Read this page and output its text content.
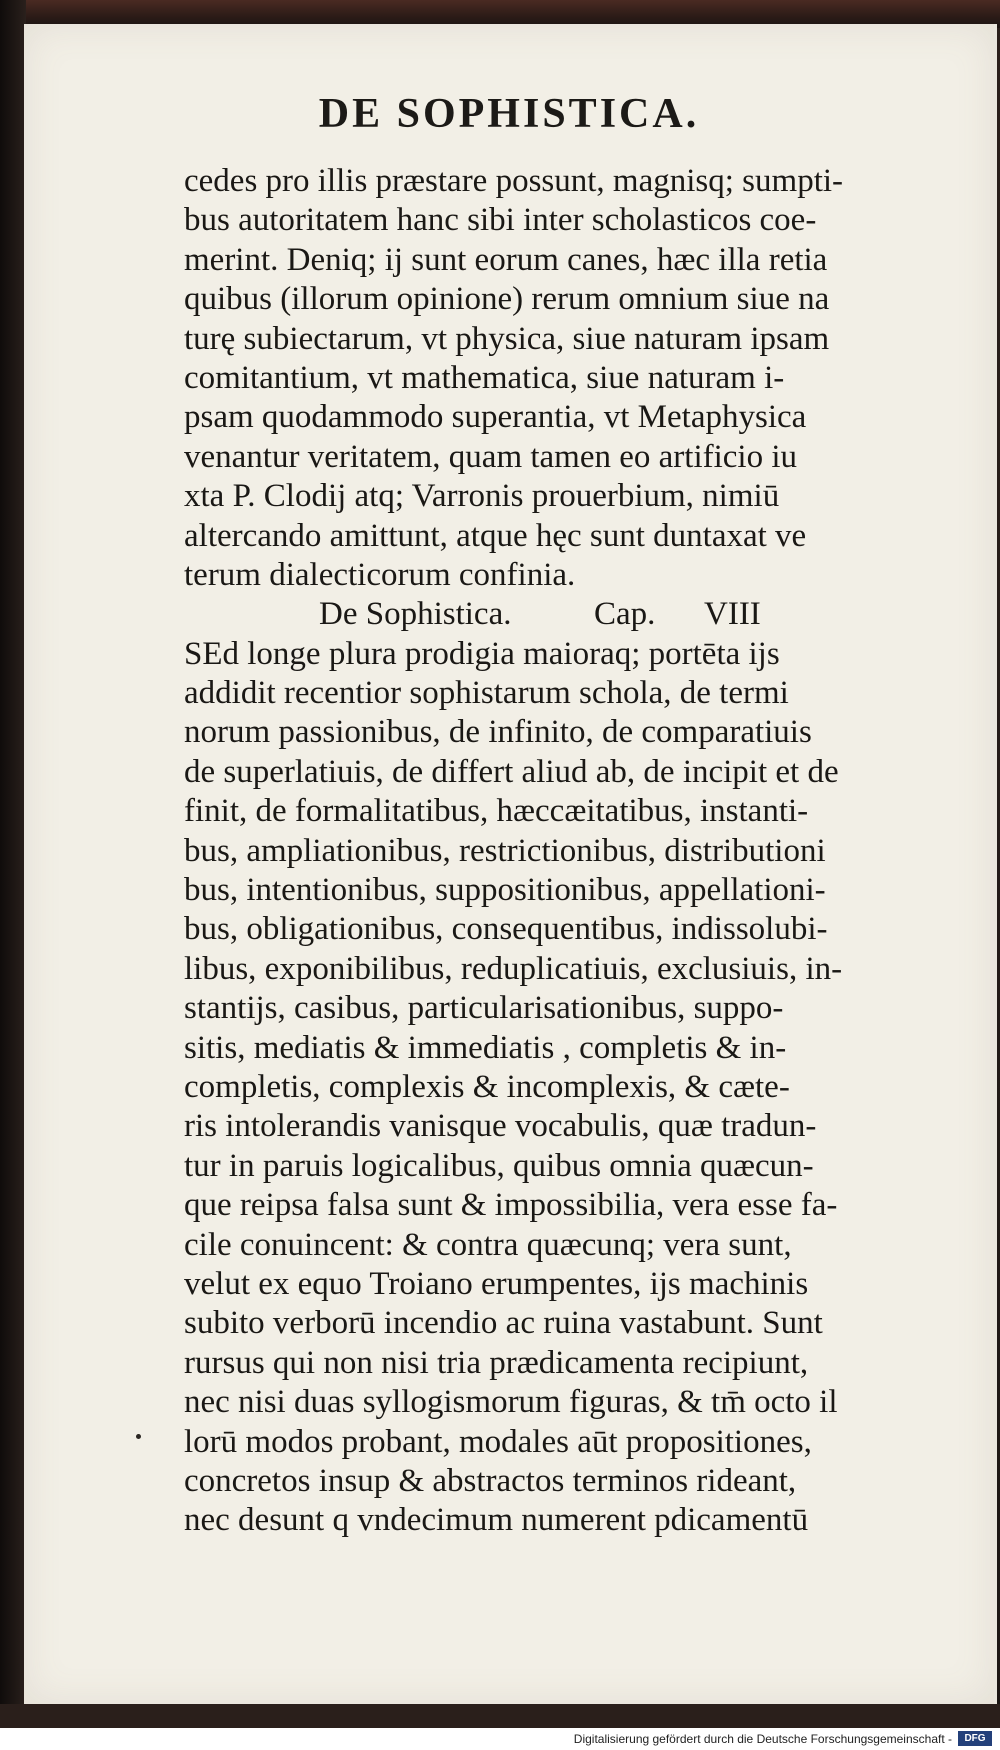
DE SOPHISTICA.
cedes pro illis præstare possunt, magnisq; sumpti-
bus autoritatem hanc sibi inter scholasticos coe-
merint. Deniq; ij sunt eorum canes, hæc illa retia
quibus (illorum opinione) rerum omnium siue na
turę subiectarum, vt physica, siue naturam ipsam
comitantium, vt mathematica, siue naturam i-
psam quodammodo superantia, vt Metaphysica
venantur veritatem, quam tamen eo artificio iu
xta P. Clodij atq; Varronis prouerbium, nimiū
altercando amittunt, atque hęc sunt duntaxat ve
terum dialecticorum confinia.
De Sophistica.	Cap. VIII
SEd longe plura prodigia maioraq; portēta ijs
addidit recentior sophistarum schola, de termi
norum passionibus, de infinito, de comparatiuis
de superlatiuis, de differt aliud ab, de incipit et de
finit, de formalitatibus, hæccæitatibus, instanti-
bus, ampliationibus, restrictionibus, distributioni
bus, intentionibus, suppositionibus, appellationi-
bus, obligationibus, consequentibus, indissolubi-
libus, exponibilibus, reduplicatiuis, exclusiuis, in-
stantijs, casibus, particularisationibus, suppo-
sitis, mediatis & immediatis , completis & in-
completis, complexis & incomplexis, & cæte-
ris intolerandis vanisque vocabulis, quæ tradun-
tur in paruis logicalibus, quibus omnia quæcun-
que reipsa falsa sunt & impossibilia, vera esse fa-
cile conuincent: & contra quæcunq; vera sunt,
velut ex equo Troiano erumpentes, ijs machinis
subito verborū incendio ac ruina vastabunt. Sunt
rursus qui non nisi tria prædicamenta recipiunt,
nec nisi duas syllogismorum figuras, & tm̄ octo il
lorū modos probant, modales aūt propositiones,
concretos insup & abstractos terminos rideant,
nec desunt q vndecimum numerent pdicamentū
Digitalisierung gefördert durch die Deutsche Forschungsgemeinschaft -	DFG
